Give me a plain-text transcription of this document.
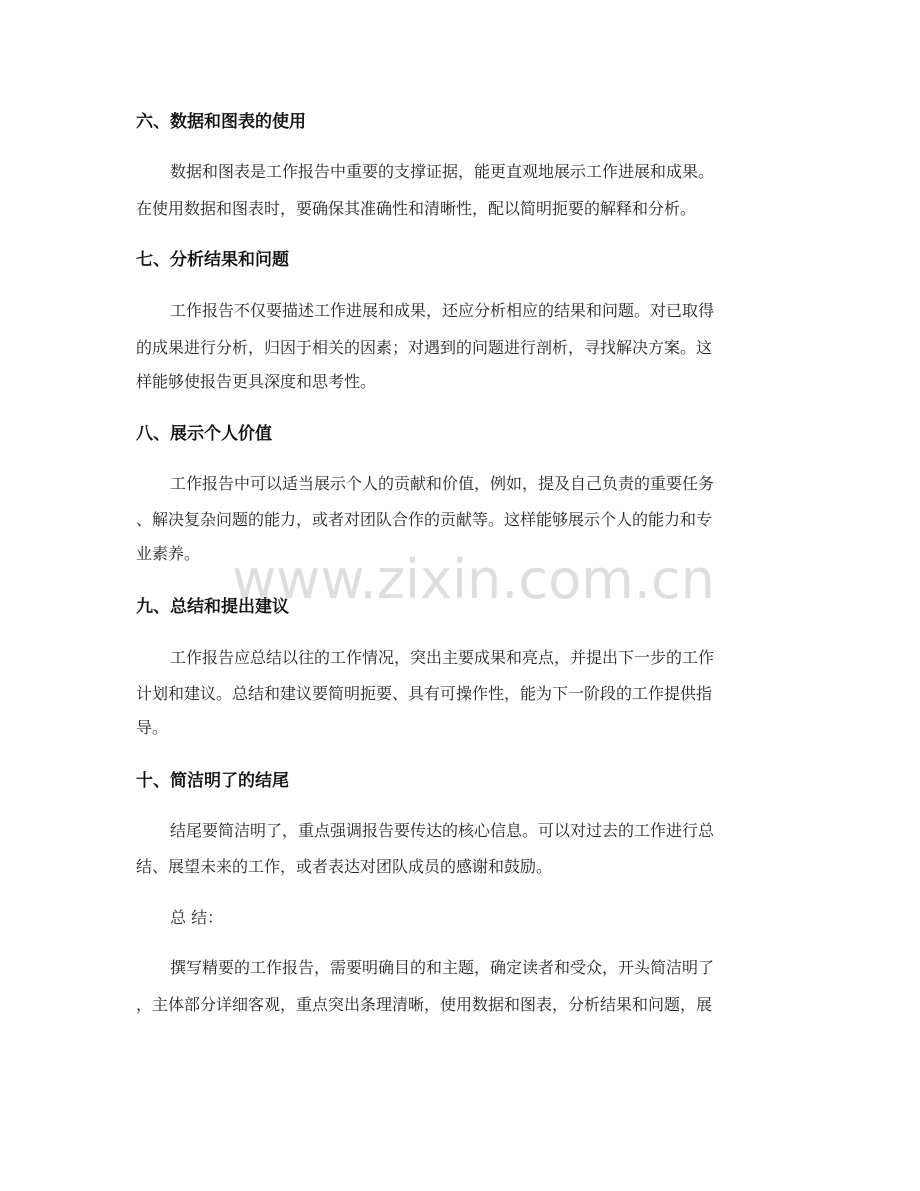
六、数据和图表的使用
数据和图表是工作报告中重要的支撑证据，能更直观地展示工作进展和成果。
在使用数据和图表时，要确保其准确性和清晰性，配以简明扼要的解释和分析。
七、分析结果和问题
工作报告不仅要描述工作进展和成果，还应分析相应的结果和问题。对已取得
的成果进行分析，归因于相关的因素；对遇到的问题进行剖析，寻找解决方案。这
样能够使报告更具深度和思考性。
八、展示个人价值
工作报告中可以适当展示个人的贡献和价值，例如，提及自己负责的重要任务
、解决复杂问题的能力，或者对团队合作的贡献等。这样能够展示个人的能力和专
业素养。
九、总结和提出建议
工作报告应总结以往的工作情况，突出主要成果和亮点，并提出下一步的工作
计划和建议。总结和建议要简明扼要、具有可操作性，能为下一阶段的工作提供指
导。
十、简洁明了的结尾
结尾要简洁明了，重点强调报告要传达的核心信息。可以对过去的工作进行总
结、展望未来的工作，或者表达对团队成员的感谢和鼓励。
总 结：
撰写精要的工作报告，需要明确目的和主题，确定读者和受众，开头简洁明了
，主体部分详细客观，重点突出条理清晰，使用数据和图表，分析结果和问题，展
www.zixin.com.cn
